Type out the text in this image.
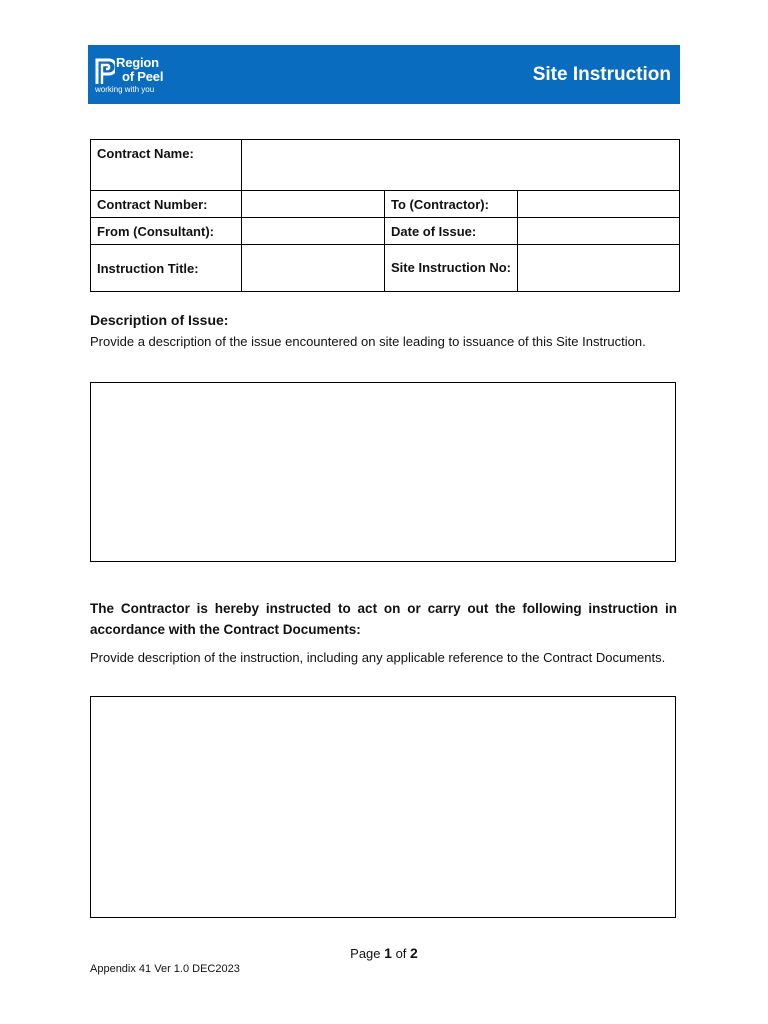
Region
of Peel
working with you
Site Instruction
Contract Name:			
Contract Number:		To (Contractor):	
From (Consultant):		Date of Issue:	
Instruction Title:		Site Instruction No:	
Description of Issue:
Provide a description of the issue encountered on site leading to issuance of this Site Instruction.
The Contractor is hereby instructed to act on or carry out the following instruction in accordance with the Contract Documents:
Provide description of the instruction, including any applicable reference to the Contract Documents.
Page 1 of 2
Appendix 41 Ver 1.0 DEC2023
